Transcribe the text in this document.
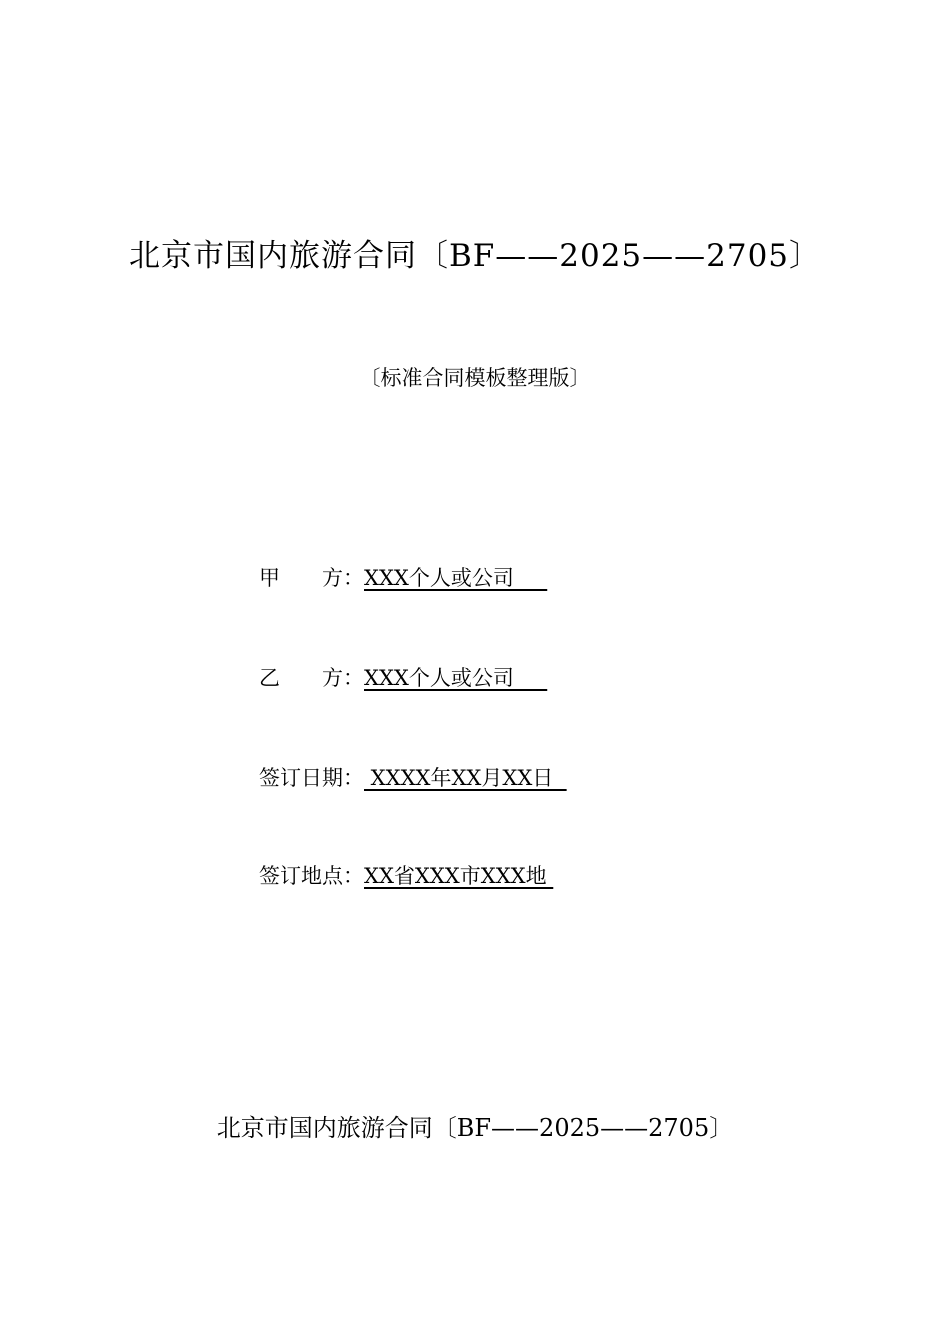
北京市国内旅游合同〔BF——2025——2705〕
〔标准合同模板整理版〕
甲　　方： XXX个人或公司
乙　　方： XXX个人或公司
签订日期： XXXX年XX月XX日
签订地点： XX省XXX市XXX地
北京市国内旅游合同〔BF——2025——2705〕
